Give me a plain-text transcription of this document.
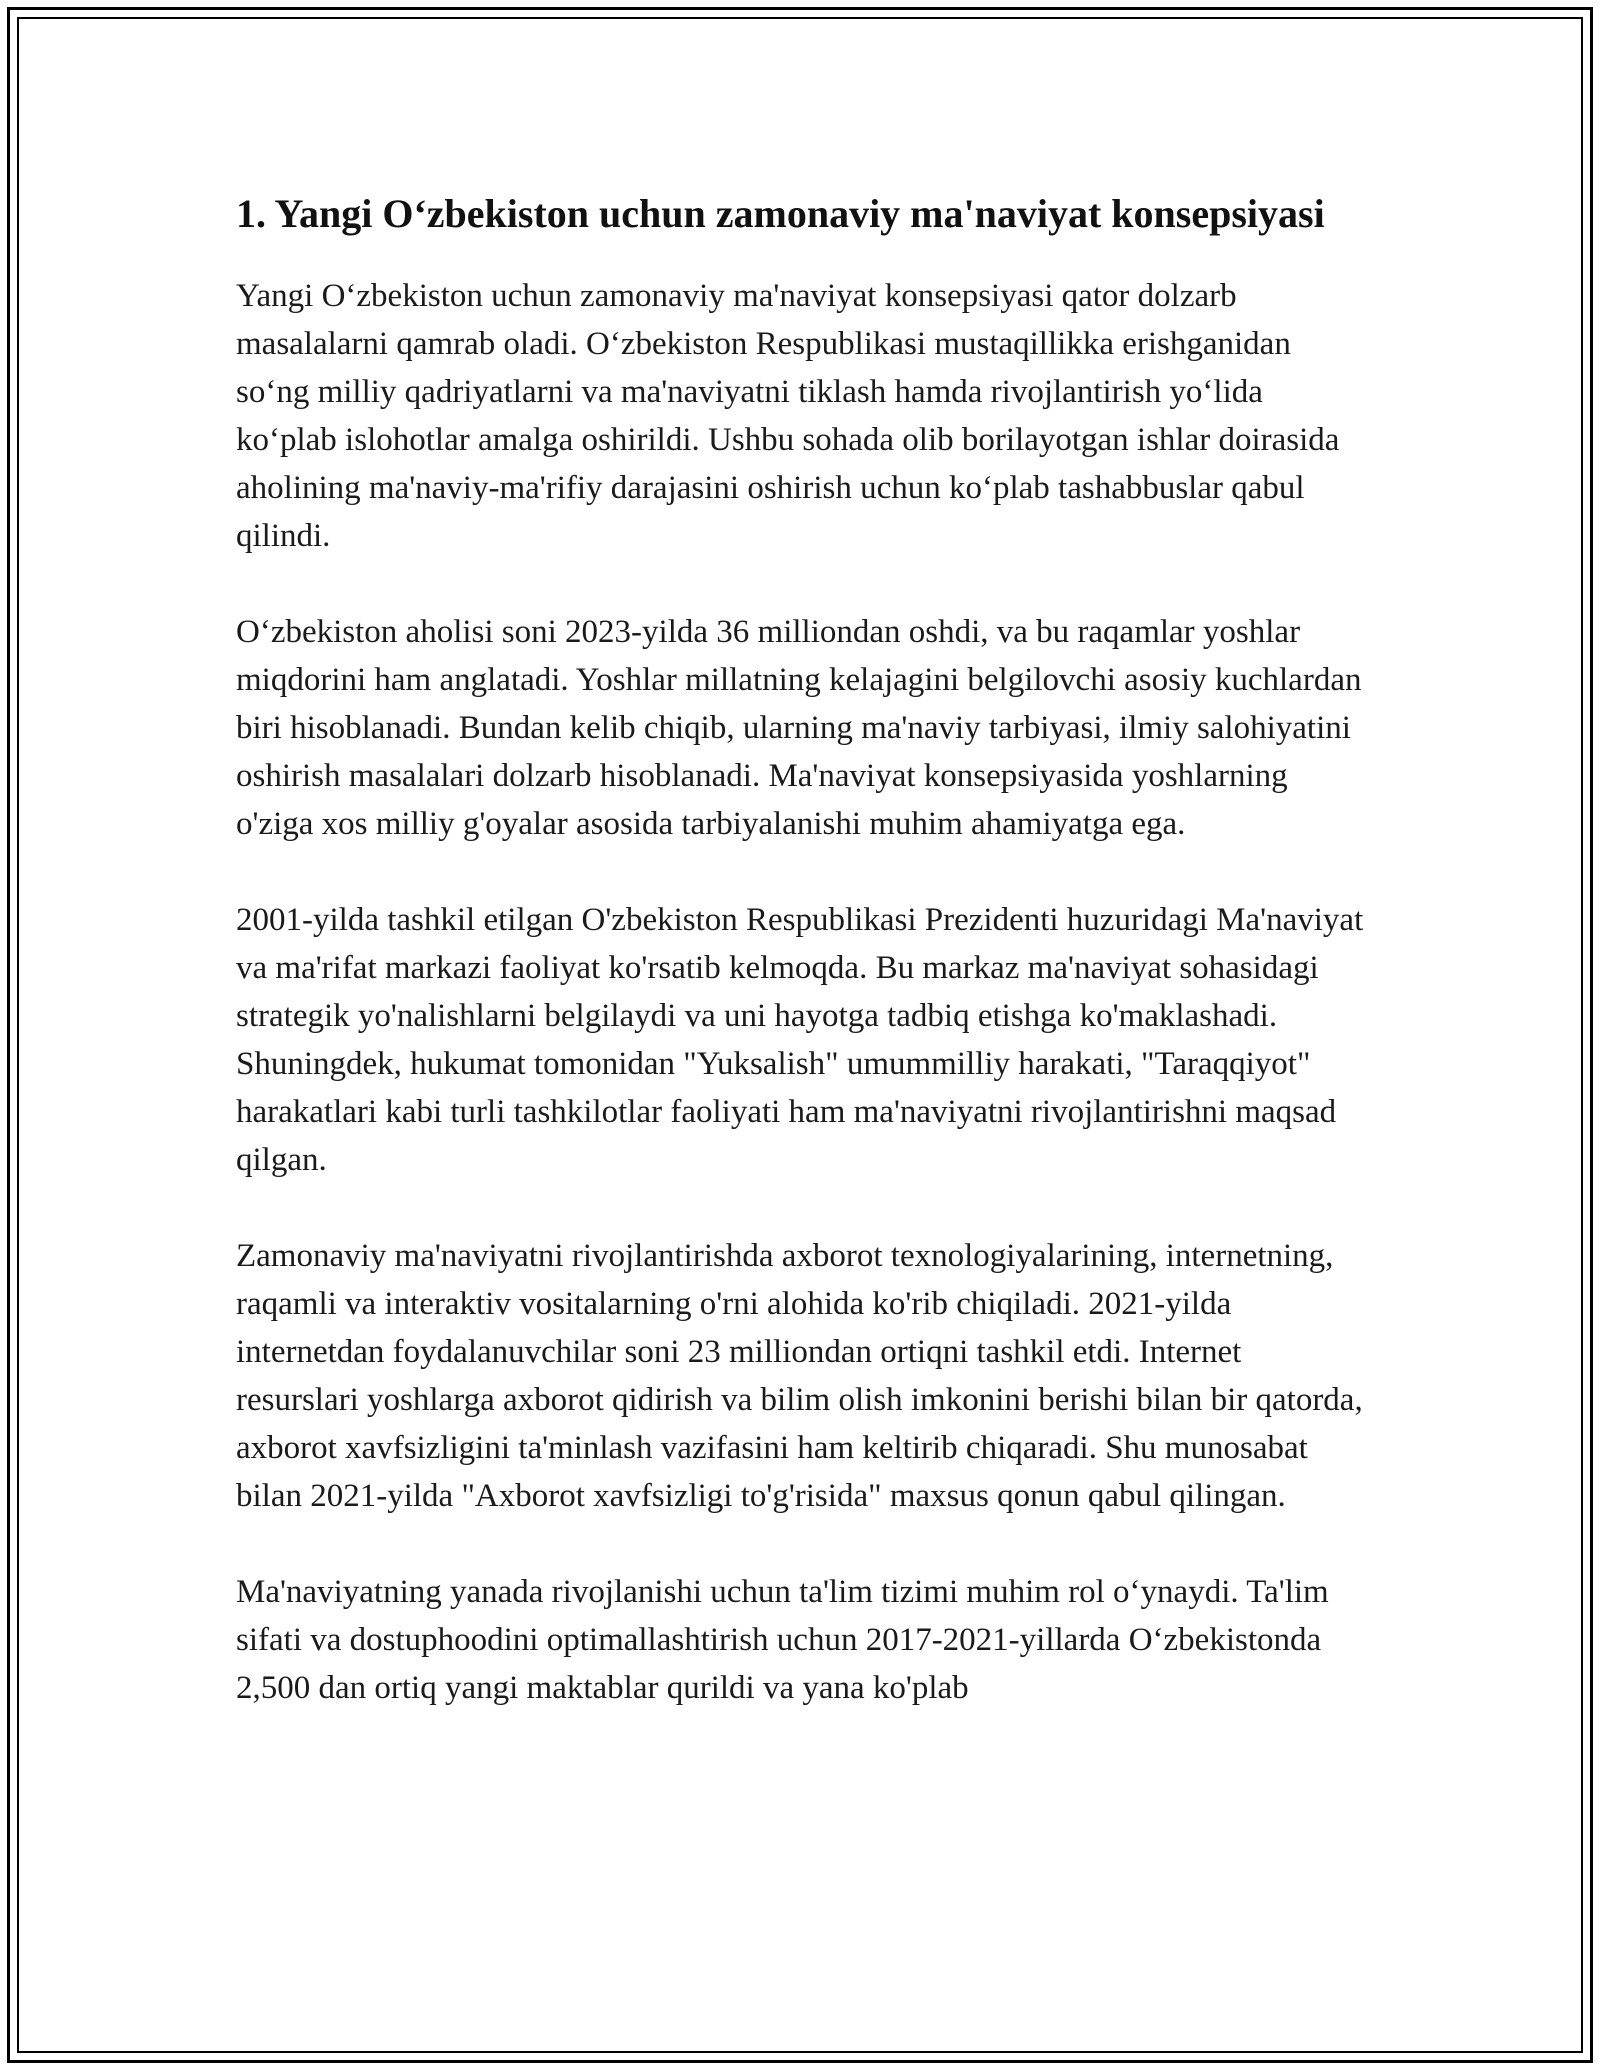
1. Yangi O‘zbekiston uchun zamonaviy ma'naviyat konsepsiyasi

Yangi O‘zbekiston uchun zamonaviy ma'naviyat konsepsiyasi qator dolzarb masalalarni qamrab oladi. O‘zbekiston Respublikasi mustaqillikka erishganidan so‘ng milliy qadriyatlarni va ma'naviyatni tiklash hamda rivojlantirish yo‘lida ko‘plab islohotlar amalga oshirildi. Ushbu sohada olib borilayotgan ishlar doirasida aholining ma'naviy-ma'rifiy darajasini oshirish uchun ko‘plab tashabbuslar qabul qilindi.

O‘zbekiston aholisi soni 2023-yilda 36 milliondan oshdi, va bu raqamlar yoshlar miqdorini ham anglatadi. Yoshlar millatning kelajagini belgilovchi asosiy kuchlardan biri hisoblanadi. Bundan kelib chiqib, ularning ma'naviy tarbiyasi, ilmiy salohiyatini oshirish masalalari dolzarb hisoblanadi. Ma'naviyat konsepsiyasida yoshlarning o'ziga xos milliy g'oyalar asosida tarbiyalanishi muhim ahamiyatga ega.

2001-yilda tashkil etilgan O'zbekiston Respublikasi Prezidenti huzuridagi Ma'naviyat va ma'rifat markazi faoliyat ko'rsatib kelmoqda. Bu markaz ma'naviyat sohasidagi strategik yo'nalishlarni belgilaydi va uni hayotga tadbiq etishga ko'maklashadi. Shuningdek, hukumat tomonidan "Yuksalish" umummilliy harakati, "Taraqqiyot" harakatlari kabi turli tashkilotlar faoliyati ham ma'naviyatni rivojlantirishni maqsad qilgan.

Zamonaviy ma'naviyatni rivojlantirishda axborot texnologiyalarining, internetning, raqamli va interaktiv vositalarning o'rni alohida ko'rib chiqiladi. 2021-yilda internetdan foydalanuvchilar soni 23 milliondan ortiqni tashkil etdi. Internet resurslari yoshlarga axborot qidirish va bilim olish imkonini berishi bilan bir qatorda, axborot xavfsizligini ta'minlash vazifasini ham keltirib chiqaradi. Shu munosabat bilan 2021-yilda "Axborot xavfsizligi to'g'risida" maxsus qonun qabul qilingan.

Ma'naviyatning yanada rivojlanishi uchun ta'lim tizimi muhim rol o‘ynaydi. Ta'lim sifati va dostuphoodini optimallashtirish uchun 2017-2021-yillarda O‘zbekistonda 2,500 dan ortiq yangi maktablar qurildi va yana ko'plab
